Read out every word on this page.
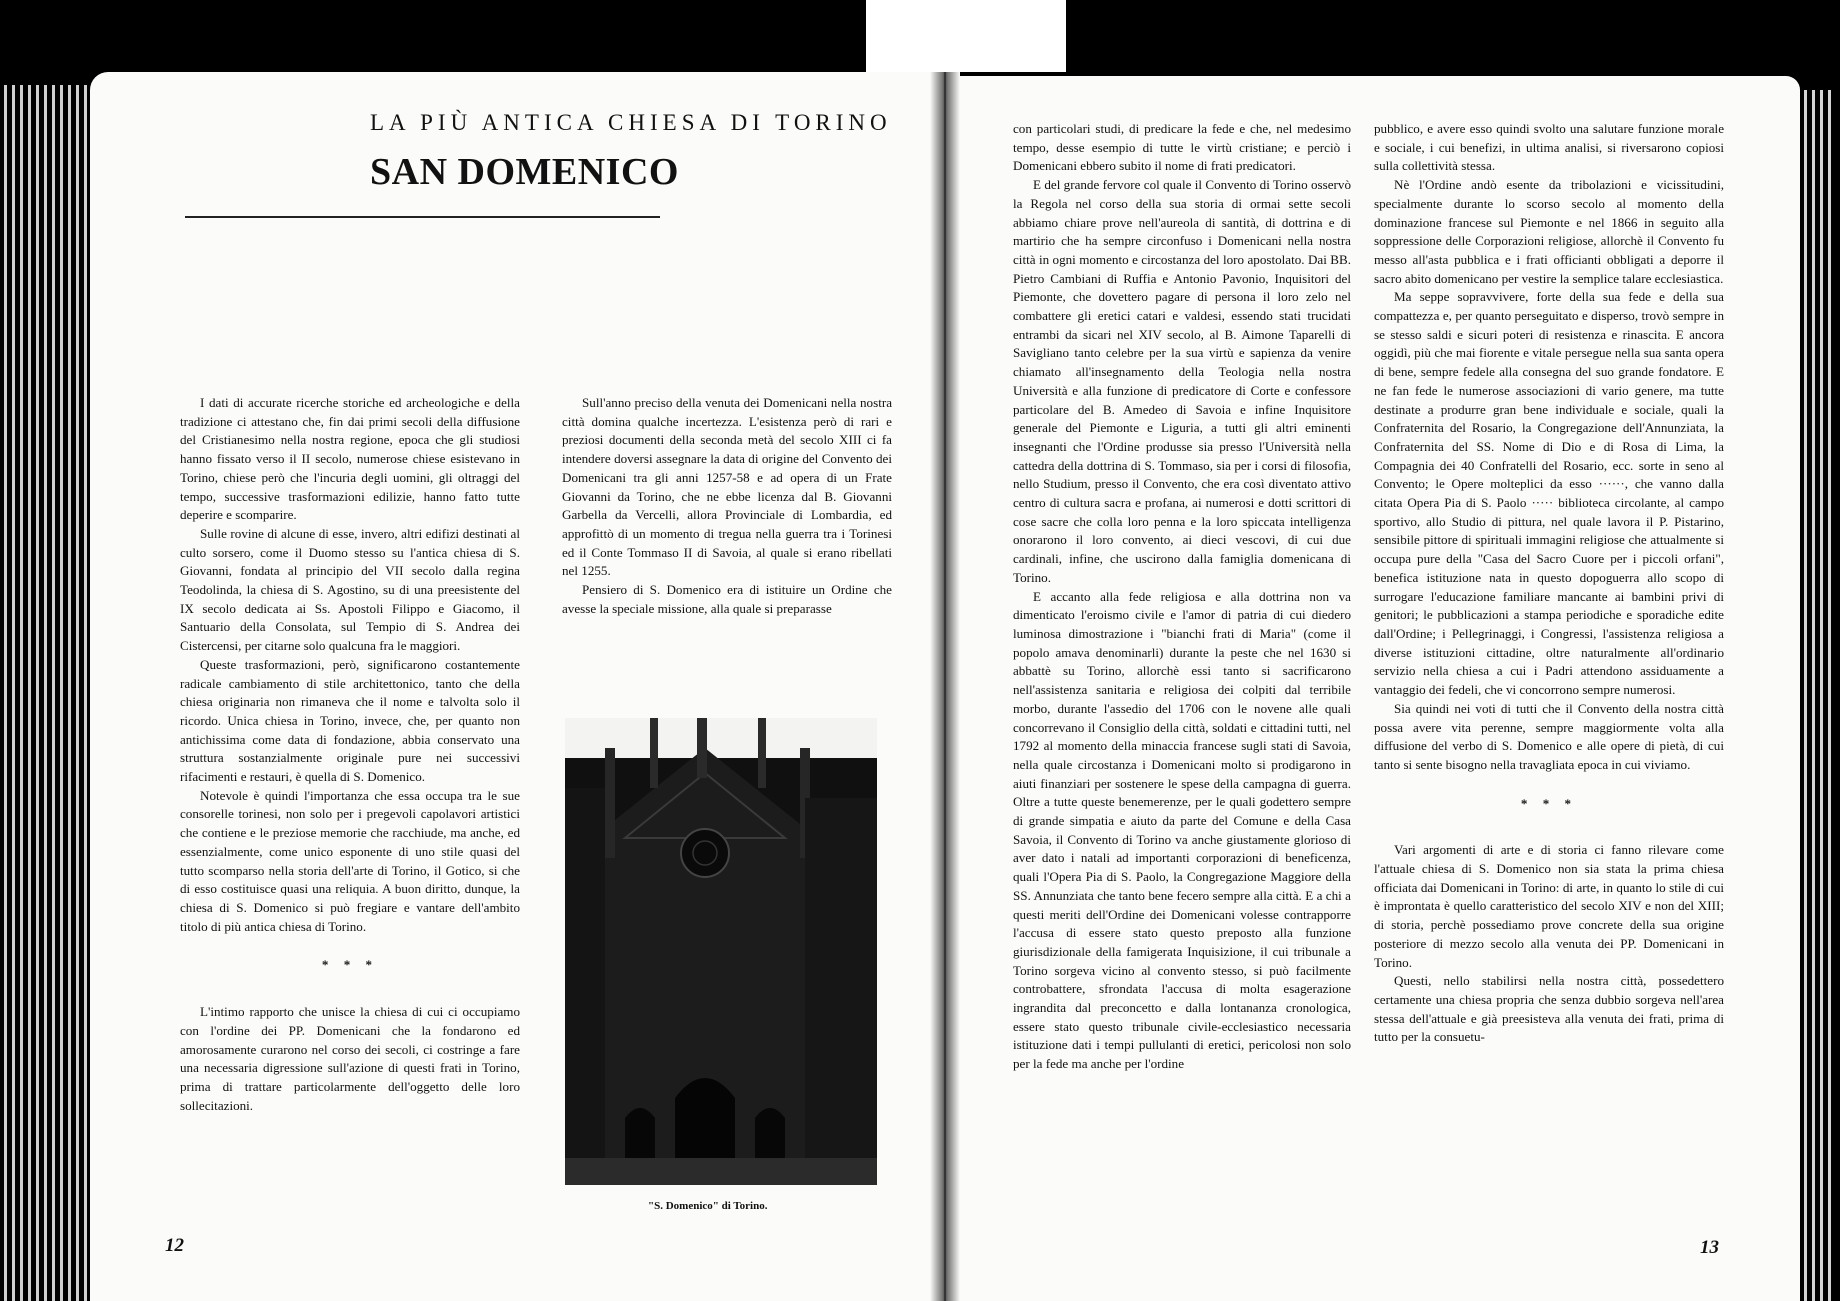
LA PIÙ ANTICA CHIESA DI TORINO
SAN DOMENICO

I dati di accurate ricerche storiche ed archeologiche e della tradizione ci attestano che, fin dai primi secoli della diffusione del Cristianesimo nella nostra regione, epoca che gli studiosi hanno fissato verso il II secolo, numerose chiese esistevano in Torino, chiese però che l'incuria degli uomini, gli oltraggi del tempo, successive trasformazioni edilizie, hanno fatto tutte deperire e scomparire.

Sulle rovine di alcune di esse, invero, altri edifizi destinati al culto sorsero, come il Duomo stesso su l'antica chiesa di S. Giovanni, fondata al principio del VII secolo dalla regina Teodolinda, la chiesa di S. Agostino, su di una preesistente del IX secolo dedicata ai Ss. Apostoli Filippo e Giacomo, il Santuario della Consolata, sul Tempio di S. Andrea dei Cistercensi, per citarne solo qualcuna fra le maggiori.

Queste trasformazioni, però, significarono costantemente radicale cambiamento di stile architettonico, tanto che della chiesa originaria non rimaneva che il nome e talvolta solo il ricordo. Unica chiesa in Torino, invece, che, per quanto non antichissima come data di fondazione, abbia conservato una struttura sostanzialmente originale pure nei successivi rifacimenti e restauri, è quella di S. Domenico.

Notevole è quindi l'importanza che essa occupa tra le sue consorelle torinesi, non solo per i pregevoli capolavori artistici che contiene e le preziose memorie che racchiude, ma anche, ed essenzialmente, come unico esponente di uno stile quasi del tutto scomparso nella storia dell'arte di Torino, il Gotico, si che di esso costituisce quasi una reliquia. A buon diritto, dunque, la chiesa di S. Domenico si può fregiare e vantare dell'ambito titolo di più antica chiesa di Torino.

* * *

L'intimo rapporto che unisce la chiesa di cui ci occupiamo con l'ordine dei PP. Domenicani che la fondarono ed amorosamente curarono nel corso dei secoli, ci costringe a fare una necessaria digressione sull'azione di questi frati in Torino, prima di trattare particolarmente dell'oggetto delle loro sollecitazioni.

Sull'anno preciso della venuta dei Domenicani nella nostra città domina qualche incertezza. L'esistenza però di rari e preziosi documenti della seconda metà del secolo XIII ci fa intendere doversi assegnare la data di origine del Convento dei Domenicani tra gli anni 1257-58 e ad opera di un Frate Giovanni da Torino, che ne ebbe licenza dal B. Giovanni Garbella da Vercelli, allora Provinciale di Lombardia, ed approfittò di un momento di tregua nella guerra tra i Torinesi ed il Conte Tommaso II di Savoia, al quale si erano ribellati nel 1255.

Pensiero di S. Domenico era di istituire un Ordine che avesse la speciale missione, alla quale si preparasse

"S. Domenico" di Torino.
12

con particolari studi, di predicare la fede e che, nel medesimo tempo, desse esempio di tutte le virtù cristiane; e perciò i Domenicani ebbero subito il nome di frati predicatori.

E del grande fervore col quale il Convento di Torino osservò la Regola nel corso della sua storia di ormai sette secoli abbiamo chiare prove nell'aureola di santità, di dottrina e di martirio che ha sempre circonfuso i Domenicani nella nostra città in ogni momento e circostanza del loro apostolato. Dai BB. Pietro Cambiani di Ruffia e Antonio Pavonio, Inquisitori del Piemonte, che dovettero pagare di persona il loro zelo nel combattere gli eretici catari e valdesi, essendo stati trucidati entrambi da sicari nel XIV secolo, al B. Aimone Taparelli di Savigliano tanto celebre per la sua virtù e sapienza da venire chiamato all'insegnamento della Teologia nella nostra Università e alla funzione di predicatore di Corte e confessore particolare del B. Amedeo di Savoia e infine Inquisitore generale del Piemonte e Liguria, a tutti gli altri eminenti insegnanti che l'Ordine produsse sia presso l'Università nella cattedra della dottrina di S. Tommaso, sia per i corsi di filosofia, nello Studium, presso il Convento, che era così diventato attivo centro di cultura sacra e profana, ai numerosi e dotti scrittori di cose sacre che colla loro penna e la loro spiccata intelligenza onorarono il loro convento, ai dieci vescovi, di cui due cardinali, infine, che uscirono dalla famiglia domenicana di Torino.

E accanto alla fede religiosa e alla dottrina non va dimenticato l'eroismo civile e l'amor di patria di cui diedero luminosa dimostrazione i "bianchi frati di Maria" (come il popolo amava denominarli) durante la peste che nel 1630 si abbattè su Torino, allorchè essi tanto si sacrificarono nell'assistenza sanitaria e religiosa dei colpiti dal terribile morbo, durante l'assedio del 1706 con le novene alle quali concorrevano il Consiglio della città, soldati e cittadini tutti, nel 1792 al momento della minaccia francese sugli stati di Savoia, nella quale circostanza i Domenicani molto si prodigarono in aiuti finanziari per sostenere le spese della campagna di guerra. Oltre a tutte queste benemerenze, per le quali godettero sempre di grande simpatia e aiuto da parte del Comune e della Casa Savoia, il Convento di Torino va anche giustamente glorioso di aver dato i natali ad importanti corporazioni di beneficenza, quali l'Opera Pia di S. Paolo, la Congregazione Maggiore della SS. Annunziata che tanto bene fecero sempre alla città. E a chi a questi meriti dell'Ordine dei Domenicani volesse contrapporre l'accusa di essere stato questo preposto alla funzione giurisdizionale della famigerata Inquisizione, il cui tribunale a Torino sorgeva vicino al convento stesso, si può facilmente controbattere, sfrondata l'accusa di molta esagerazione ingrandita dal preconcetto e dalla lontananza cronologica, essere stato questo tribunale civile-ecclesiastico necessaria istituzione dati i tempi pullulanti di eretici, pericolosi non solo per la fede ma anche per l'ordine

pubblico, e avere esso quindi svolto una salutare funzione morale e sociale, i cui benefizi, in ultima analisi, si riversarono copiosi sulla collettività stessa.

Nè l'Ordine andò esente da tribolazioni e vicissitudini, specialmente durante lo scorso secolo al momento della dominazione francese sul Piemonte e nel 1866 in seguito alla soppressione delle Corporazioni religiose, allorchè il Convento fu messo all'asta pubblica e i frati officianti obbligati a deporre il sacro abito domenicano per vestire la semplice talare ecclesiastica.

Ma seppe sopravvivere, forte della sua fede e della sua compattezza e, per quanto perseguitato e disperso, trovò sempre in se stesso saldi e sicuri poteri di resistenza e rinascita. E ancora oggidì, più che mai fiorente e vitale persegue nella sua santa opera di bene, sempre fedele alla consegna del suo grande fondatore. E ne fan fede le numerose associazioni di vario genere, ma tutte destinate a produrre gran bene individuale e sociale, quali la Confraternita del Rosario, la Congregazione dell'Annunziata, la Confraternita del SS. Nome di Dio e di Rosa di Lima, la Compagnia dei 40 Confratelli del Rosario, ecc. sorte in seno al Convento; le Opere molteplici da esso ······, che vanno dalla citata Opera Pia di S. Paolo ····· biblioteca circolante, al campo sportivo, allo Studio di pittura, nel quale lavora il P. Pistarino, sensibile pittore di spirituali immagini religiose che attualmente si occupa pure della "Casa del Sacro Cuore per i piccoli orfani", benefica istituzione nata in questo dopoguerra allo scopo di surrogare l'educazione familiare mancante ai bambini privi di genitori; le pubblicazioni a stampa periodiche e sporadiche edite dall'Ordine; i Pellegrinaggi, i Congressi, l'assistenza religiosa a diverse istituzioni cittadine, oltre naturalmente all'ordinario servizio nella chiesa a cui i Padri attendono assiduamente a vantaggio dei fedeli, che vi concorrono sempre numerosi.

Sia quindi nei voti di tutti che il Convento della nostra città possa avere vita perenne, sempre maggiormente volta alla diffusione del verbo di S. Domenico e alle opere di pietà, di cui tanto si sente bisogno nella travagliata epoca in cui viviamo.

* * *

Vari argomenti di arte e di storia ci fanno rilevare come l'attuale chiesa di S. Domenico non sia stata la prima chiesa officiata dai Domenicani in Torino: di arte, in quanto lo stile di cui è improntata è quello caratteristico del secolo XIV e non del XIII; di storia, perchè possediamo prove concrete della sua origine posteriore di mezzo secolo alla venuta dei PP. Domenicani in Torino.

Questi, nello stabilirsi nella nostra città, possedettero certamente una chiesa propria che senza dubbio sorgeva nell'area stessa dell'attuale e già preesisteva alla venuta dei frati, prima di tutto per la consuetu-

13
